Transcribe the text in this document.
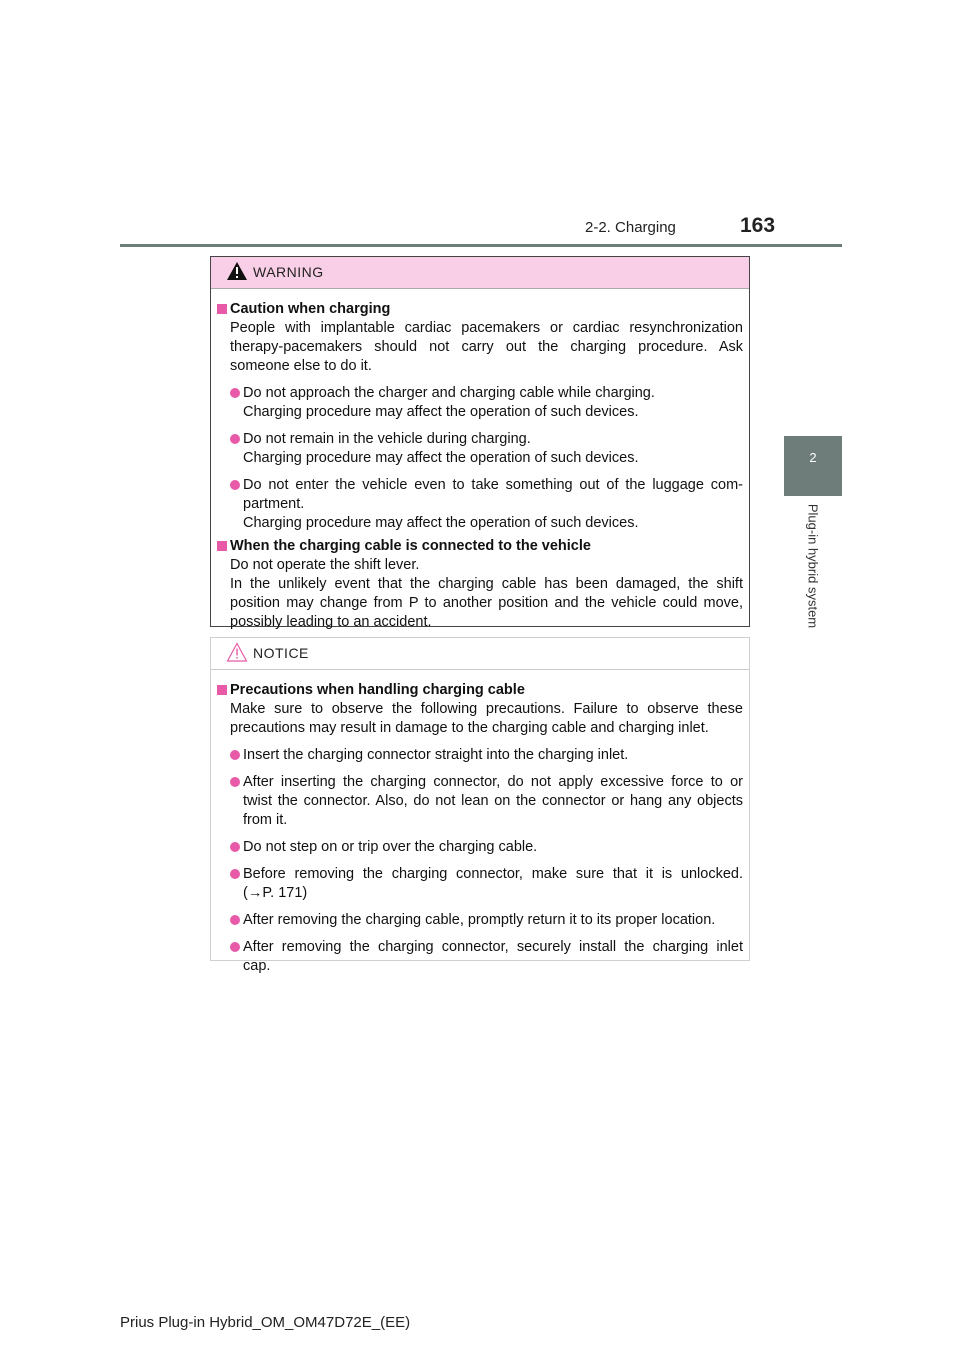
2-2. Charging	163
2
Plug-in hybrid system
WARNING
Caution when charging
People with implantable cardiac pacemakers or cardiac resynchronization
therapy-pacemakers should not carry out the charging procedure. Ask
someone else to do it.
Do not approach the charger and charging cable while charging.
Charging procedure may affect the operation of such devices.
Do not remain in the vehicle during charging.
Charging procedure may affect the operation of such devices.
Do not enter the vehicle even to take something out of the luggage com-
partment.
Charging procedure may affect the operation of such devices.
When the charging cable is connected to the vehicle
Do not operate the shift lever.
In the unlikely event that the charging cable has been damaged, the shift
position may change from P to another position and the vehicle could move,
possibly leading to an accident.
NOTICE
Precautions when handling charging cable
Make sure to observe the following precautions. Failure to observe these
precautions may result in damage to the charging cable and charging inlet.
Insert the charging connector straight into the charging inlet.
After inserting the charging connector, do not apply excessive force to or
twist the connector. Also, do not lean on the connector or hang any objects
from it.
Do not step on or trip over the charging cable.
Before removing the charging connector, make sure that it is unlocked.
(→P. 171)
After removing the charging cable, promptly return it to its proper location.
After removing the charging connector, securely install the charging inlet
cap.
Prius Plug-in Hybrid_OM_OM47D72E_(EE)
